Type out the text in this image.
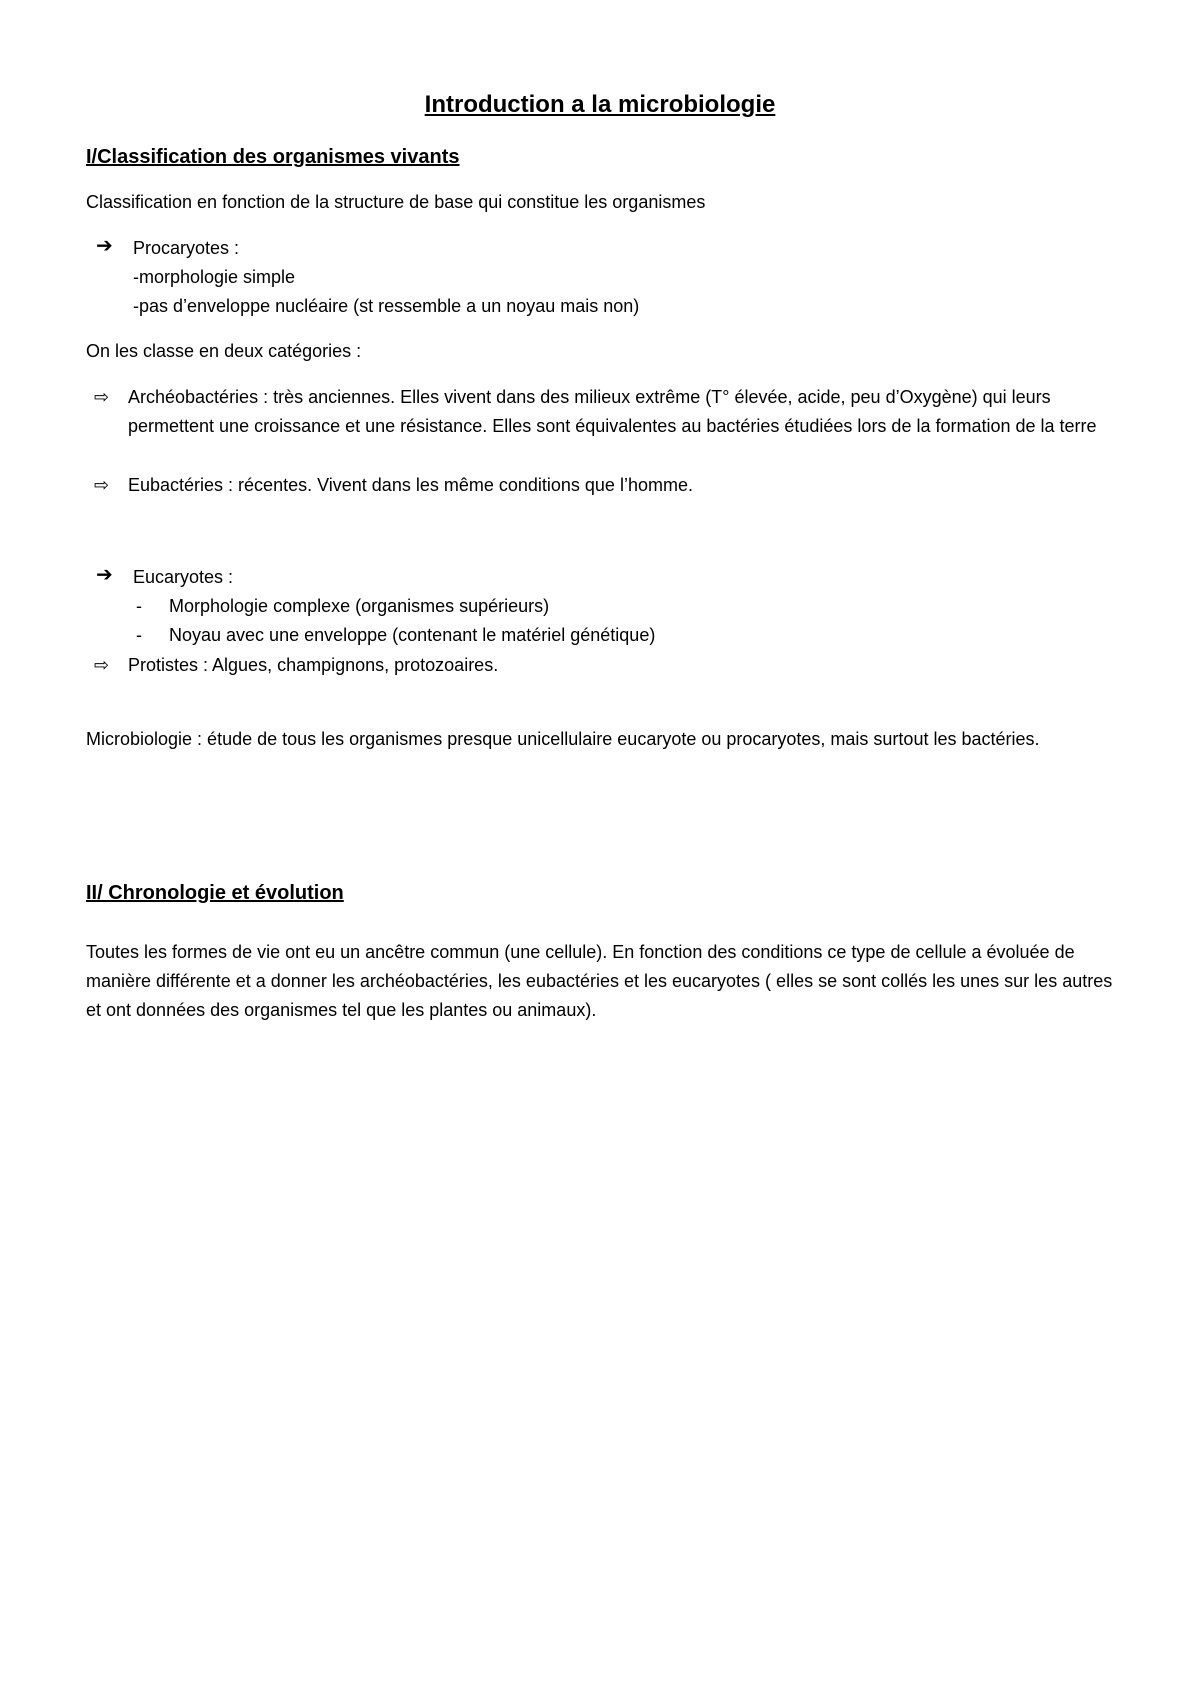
Introduction a la microbiologie
I/Classification des organismes vivants
Classification en fonction de la structure de base qui constitue les organismes
➔ Procaryotes :
-morphologie simple
-pas d’enveloppe nucléaire (st ressemble a un noyau mais non)
On les classe en deux catégories :
⇨ Archéobactéries : très anciennes. Elles vivent dans des milieux extrême (T° élevée, acide, peu d’Oxygène) qui leurs permettent une croissance et une résistance. Elles sont équivalentes au bactéries étudiées lors de la formation de la terre
⇨ Eubactéries : récentes. Vivent dans les même conditions que l’homme.
➔ Eucaryotes :
- Morphologie complexe (organismes supérieurs)
- Noyau avec une enveloppe (contenant le matériel génétique)
⇨ Protistes : Algues, champignons, protozoaires.
Microbiologie : étude de tous les organismes presque unicellulaire eucaryote ou procaryotes, mais surtout les bactéries.
II/ Chronologie et évolution
Toutes les formes de vie ont eu un ancêtre commun (une cellule). En fonction des conditions ce type de cellule a évoluée de manière différente et a donner les archéobactéries, les eubactéries et les eucaryotes ( elles se sont collés les unes sur les autres et ont données des organismes tel que les plantes ou animaux).
